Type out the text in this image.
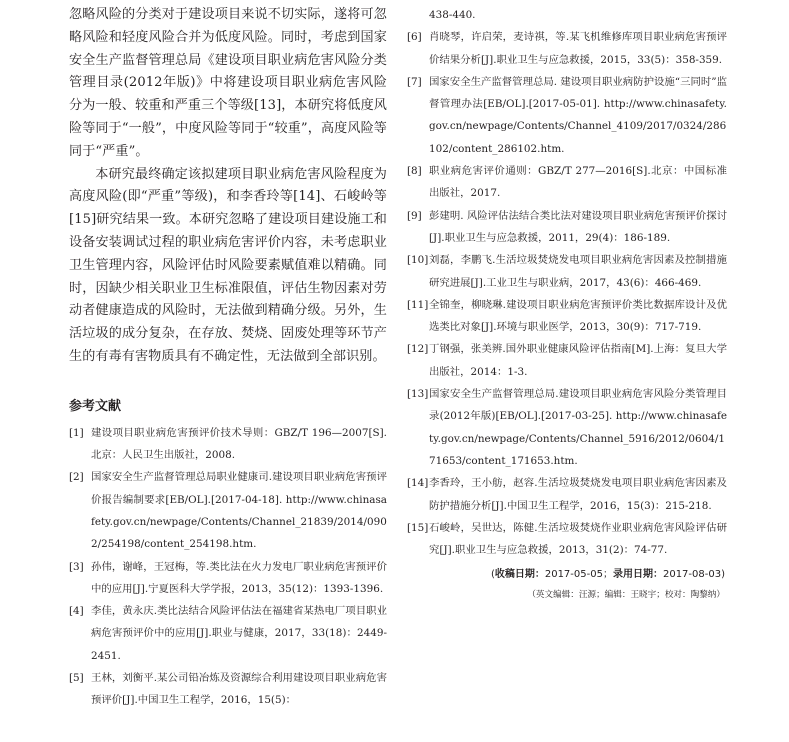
忽略风险的分类对于建设项目来说不切实际，遂将可忽略风险和轻度风险合并为低度风险。同时，考虑到国家安全生产监督管理总局《建设项目职业病危害风险分类管理目录(2012年版)》中将建设项目职业病危害风险分为一般、较重和严重三个等级[13]，本研究将低度风险等同于“一般”，中度风险等同于“较重”，高度风险等同于“严重”。

本研究最终确定该拟建项目职业病危害风险程度为高度风险(即“严重”等级)，和李香玲等[14]、石峻岭等[15]研究结果一致。本研究忽略了建设项目建设施工和设备安装调试过程的职业病危害评价内容，未考虑职业卫生管理内容，风险评估时风险要素赋值难以精确。同时，因缺少相关职业卫生标准限值，评估生物因素对劳动者健康造成的风险时，无法做到精确分级。另外，生活垃圾的成分复杂，在存放、焚烧、固废处理等环节产生的有毒有害物质具有不确定性，无法做到全部识别。

参考文献
[1] 建设项目职业病危害预评价技术导则：GBZ/T 196—2007[S].北京：人民卫生出版社，2008.
[2] 国家安全生产监督管理总局职业健康司.建设项目职业病危害预评价报告编制要求[EB/OL].[2017-04-18]. http://www.chinasafety.gov.cn/newpage/Contents/Channel_21839/2014/0902/254198/content_254198.htm.
[3] 孙伟，谢峰，王冠梅，等.类比法在火力发电厂职业病危害预评价中的应用[J].宁夏医科大学学报，2013，35(12)：1393-1396.
[4] 李佳，黄永庆.类比法结合风险评估法在福建省某热电厂项目职业病危害预评价中的应用[J].职业与健康，2017，33(18)：2449-2451.
[5] 王林，刘衡平.某公司铅冶炼及资源综合利用建设项目职业病危害预评价[J].中国卫生工程学，2016，15(5)：
438-440.
[6] 肖晓琴，许启荣，麦诗祺，等.某飞机维修库项目职业病危害预评价结果分析[J].职业卫生与应急救援，2015，33(5)：358-359.
[7] 国家安全生产监督管理总局. 建设项目职业病防护设施“三同时”监督管理办法[EB/OL].[2017-05-01]. http://www.chinasafety.gov.cn/newpage/Contents/Channel_4109/2017/0324/286102/content_286102.htm.
[8] 职业病危害评价通则：GBZ/T 277—2016[S].北京：中国标准出版社，2017.
[9] 彭建明. 风险评估法结合类比法对建设项目职业病危害预评价探讨[J].职业卫生与应急救援，2011，29(4)：186-189.
[10] 刘磊，李鹏飞.生活垃圾焚烧发电项目职业病危害因素及控制措施研究进展[J].工业卫生与职业病，2017，43(6)：466-469.
[11] 全锦奎，柳晓琳.建设项目职业病危害预评价类比数据库设计及优选类比对象[J].环境与职业医学，2013，30(9)：717-719.
[12] 丁钢强，张美辨.国外职业健康风险评估指南[M].上海：复旦大学出版社，2014：1-3.
[13] 国家安全生产监督管理总局.建设项目职业病危害风险分类管理目录(2012年版)[EB/OL].[2017-03-25]. http://www.chinasafety.gov.cn/newpage/Contents/Channel_5916/2012/0604/171653/content_171653.htm.
[14] 李香玲，王小舫，赵容.生活垃圾焚烧发电项目职业病危害因素及防护措施分析[J].中国卫生工程学，2016，15(3)：215-218.
[15] 石峻岭，吴世达，陈健.生活垃圾焚烧作业职业病危害风险评估研究[J].职业卫生与应急救援，2013，31(2)：74-77.
(收稿日期：2017-05-05；录用日期：2017-08-03)
（英文编辑：汪源；编辑：王晓宇；校对：陶黎纳）
